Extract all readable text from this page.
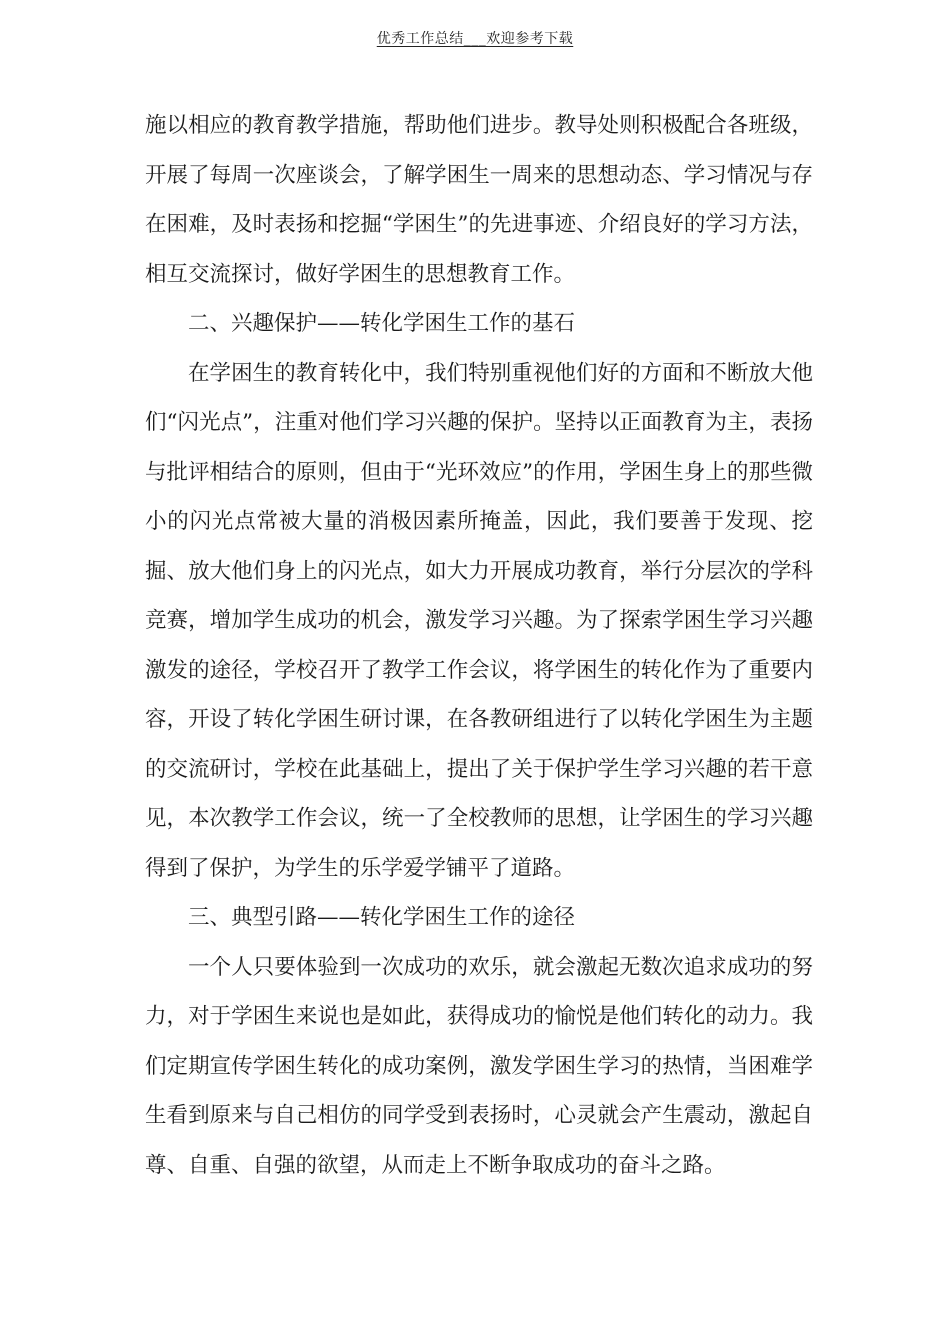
优秀工作总结___欢迎参考下载

施以相应的教育教学措施，帮助他们进步。教导处则积极配合各班级，开展了每周一次座谈会，了解学困生一周来的思想动态、学习情况与存在困难，及时表扬和挖掘“学困生”的先进事迹、介绍良好的学习方法，相互交流探讨，做好学困生的思想教育工作。

二、兴趣保护——转化学困生工作的基石

在学困生的教育转化中，我们特别重视他们好的方面和不断放大他们“闪光点”，注重对他们学习兴趣的保护。坚持以正面教育为主，表扬与批评相结合的原则，但由于“光环效应”的作用，学困生身上的那些微小的闪光点常被大量的消极因素所掩盖，因此，我们要善于发现、挖掘、放大他们身上的闪光点，如大力开展成功教育，举行分层次的学科竞赛，增加学生成功的机会，激发学习兴趣。为了探索学困生学习兴趣激发的途径，学校召开了教学工作会议，将学困生的转化作为了重要内容，开设了转化学困生研讨课，在各教研组进行了以转化学困生为主题的交流研讨，学校在此基础上，提出了关于保护学生学习兴趣的若干意见，本次教学工作会议，统一了全校教师的思想，让学困生的学习兴趣得到了保护，为学生的乐学爱学铺平了道路。

三、典型引路——转化学困生工作的途径

一个人只要体验到一次成功的欢乐，就会激起无数次追求成功的努力，对于学困生来说也是如此，获得成功的愉悦是他们转化的动力。我们定期宣传学困生转化的成功案例，激发学困生学习的热情，当困难学生看到原来与自己相仿的同学受到表扬时，心灵就会产生震动，激起自尊、自重、自强的欲望，从而走上不断争取成功的奋斗之路。
